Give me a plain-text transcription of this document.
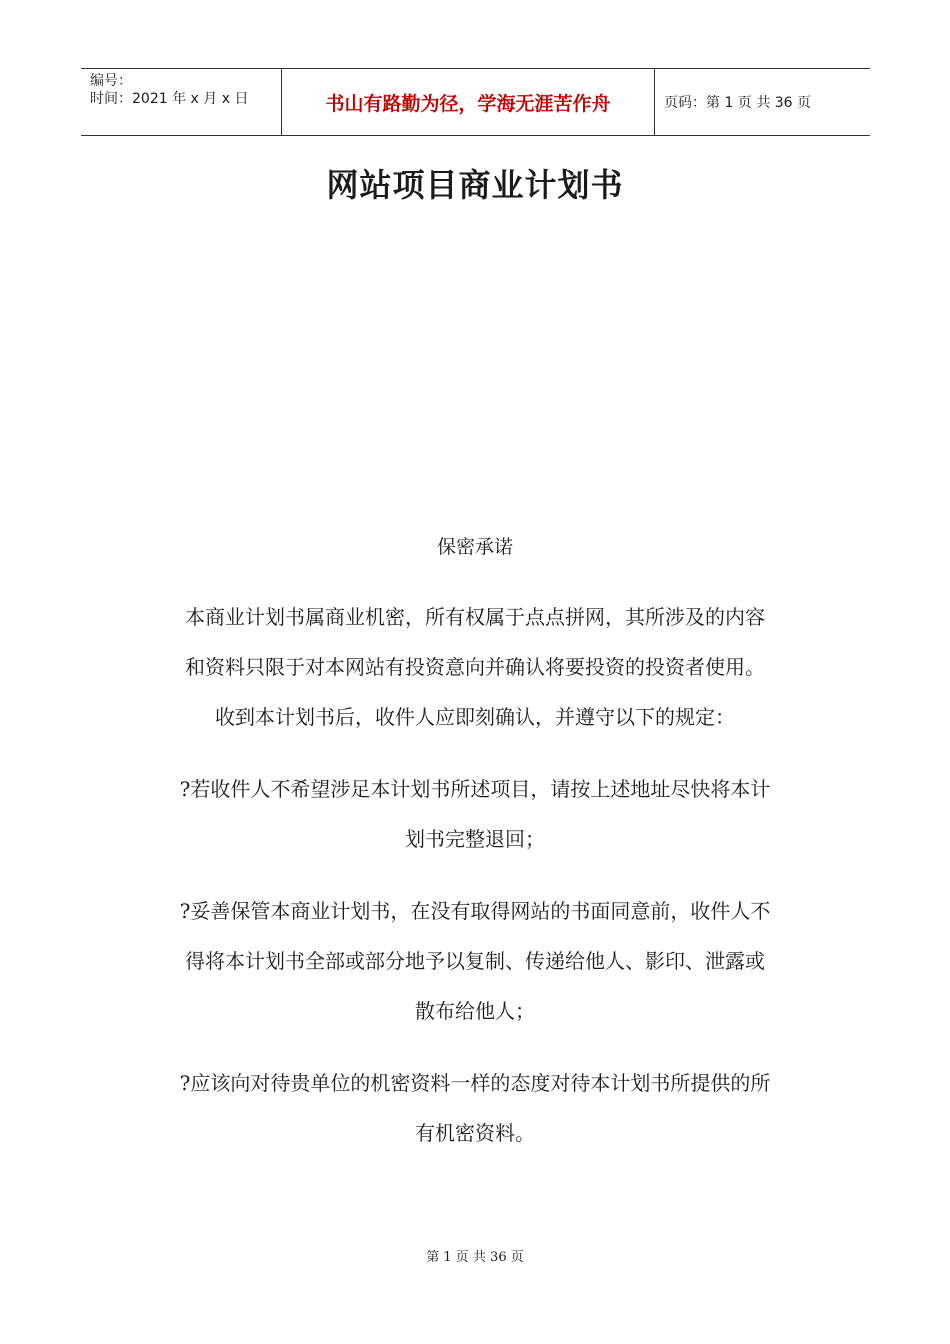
编号：
时间：2021 年 x 月 x 日	书山有路勤为径，学海无涯苦作舟	页码：第 1 页 共 36 页
网站项目商业计划书
保密承诺
本商业计划书属商业机密，所有权属于点点拼网，其所涉及的内容
和资料只限于对本网站有投资意向并确认将要投资的投资者使用。
收到本计划书后，收件人应即刻确认，并遵守以下的规定：
?若收件人不希望涉足本计划书所述项目，请按上述地址尽快将本计
划书完整退回；
?妥善保管本商业计划书，在没有取得网站的书面同意前，收件人不
得将本计划书全部或部分地予以复制、传递给他人、影印、泄露或
散布给他人；
?应该向对待贵单位的机密资料一样的态度对待本计划书所提供的所
有机密资料。
第 1 页 共 36 页
